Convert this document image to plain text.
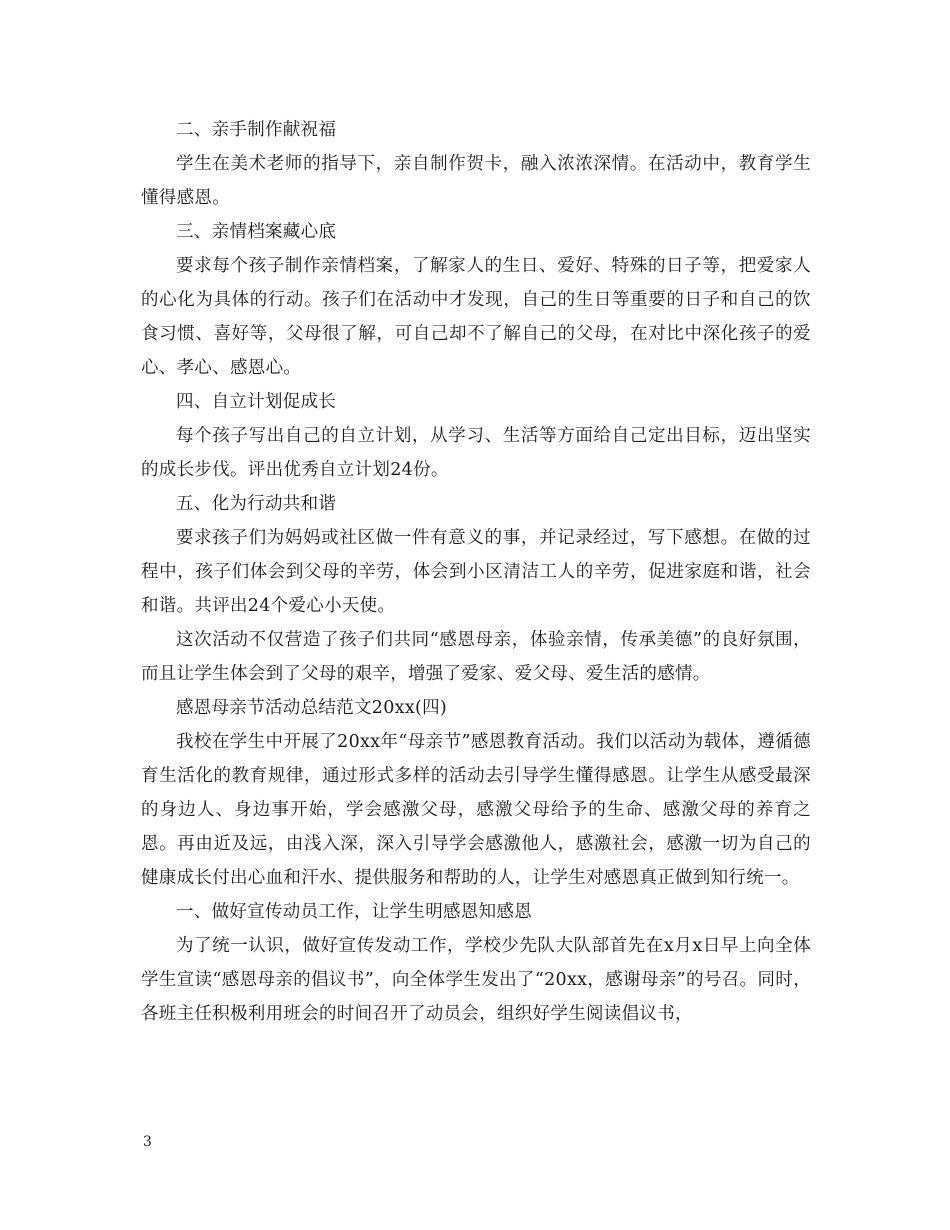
二、亲手制作献祝福

学生在美术老师的指导下，亲自制作贺卡，融入浓浓深情。在活动中，教育学生懂得感恩。

三、亲情档案藏心底

要求每个孩子制作亲情档案，了解家人的生日、爱好、特殊的日子等，把爱家人的心化为具体的行动。孩子们在活动中才发现，自己的生日等重要的日子和自己的饮食习惯、喜好等，父母很了解，可自己却不了解自己的父母，在对比中深化孩子的爱心、孝心、感恩心。

四、自立计划促成长

每个孩子写出自己的自立计划，从学习、生活等方面给自己定出目标，迈出坚实的成长步伐。评出优秀自立计划24份。

五、化为行动共和谐

要求孩子们为妈妈或社区做一件有意义的事，并记录经过，写下感想。在做的过程中，孩子们体会到父母的辛劳，体会到小区清洁工人的辛劳，促进家庭和谐，社会和谐。共评出24个爱心小天使。

这次活动不仅营造了孩子们共同“感恩母亲，体验亲情，传承美德”的良好氛围，而且让学生体会到了父母的艰辛，增强了爱家、爱父母、爱生活的感情。

感恩母亲节活动总结范文20xx(四)

我校在学生中开展了20xx年“母亲节”感恩教育活动。我们以活动为载体，遵循德育生活化的教育规律，通过形式多样的活动去引导学生懂得感恩。让学生从感受最深的身边人、身边事开始，学会感激父母，感激父母给予的生命、感激父母的养育之恩。再由近及远，由浅入深，深入引导学会感激他人，感激社会，感激一切为自己的健康成长付出心血和汗水、提供服务和帮助的人，让学生对感恩真正做到知行统一。

一、做好宣传动员工作，让学生明感恩知感恩

为了统一认识，做好宣传发动工作，学校少先队大队部首先在x月x日早上向全体学生宣读“感恩母亲的倡议书”，向全体学生发出了“20xx，感谢母亲”的号召。同时，各班主任积极利用班会的时间召开了动员会，组织好学生阅读倡议书，

3
